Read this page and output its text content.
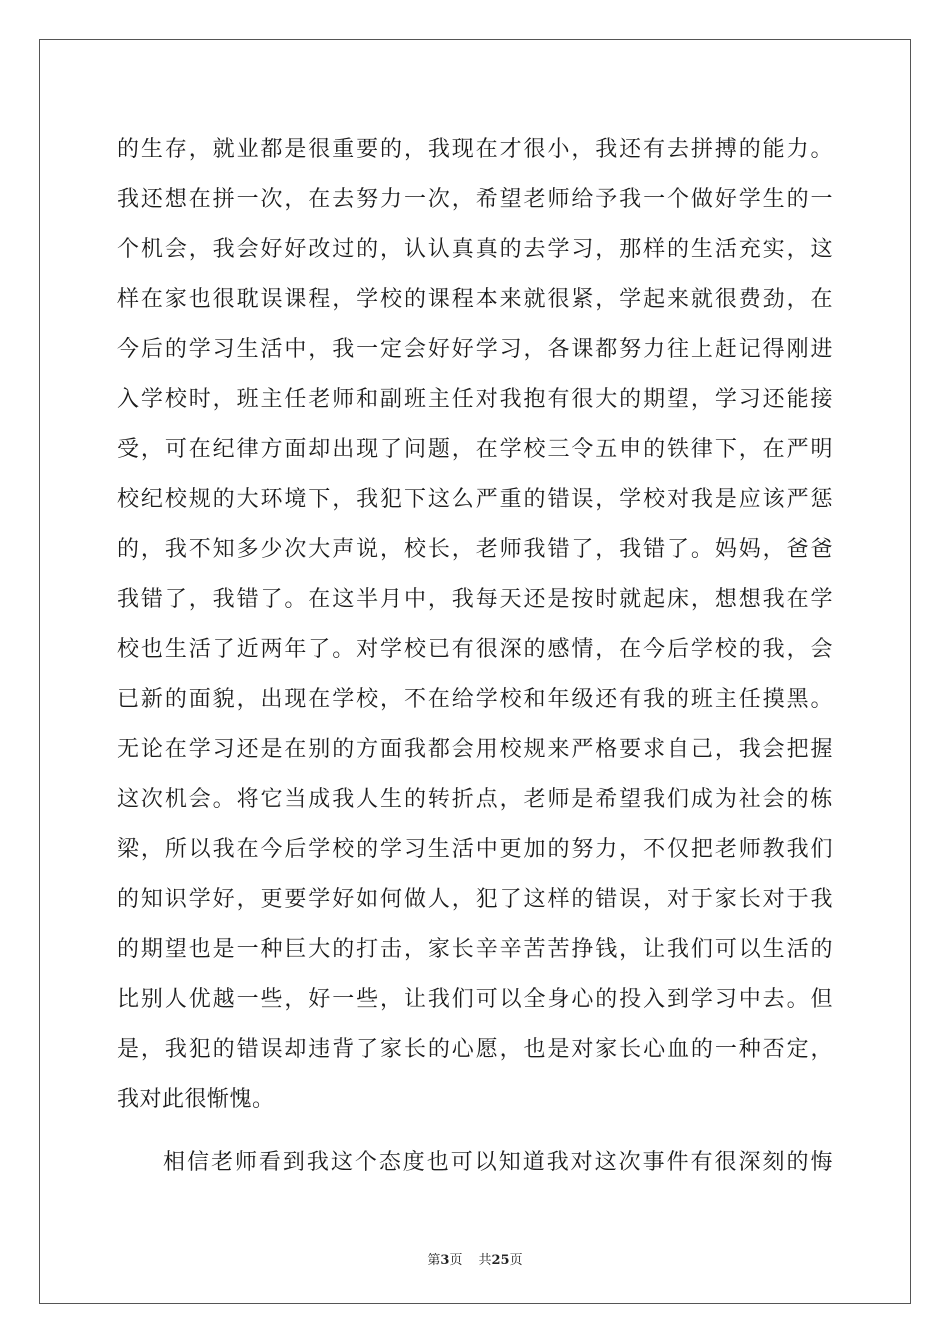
的生存，就业都是很重要的，我现在才很小，我还有去拼搏的能力。
我还想在拼一次，在去努力一次，希望老师给予我一个做好学生的一
个机会，我会好好改过的，认认真真的去学习，那样的生活充实，这
样在家也很耽误课程，学校的课程本来就很紧，学起来就很费劲，在
今后的学习生活中，我一定会好好学习，各课都努力往上赶记得刚进
入学校时，班主任老师和副班主任对我抱有很大的期望，学习还能接
受，可在纪律方面却出现了问题，在学校三令五申的铁律下，在严明
校纪校规的大环境下，我犯下这么严重的错误，学校对我是应该严惩
的，我不知多少次大声说，校长，老师我错了，我错了。妈妈，爸爸
我错了，我错了。在这半月中，我每天还是按时就起床，想想我在学
校也生活了近两年了。对学校已有很深的感情，在今后学校的我，会
已新的面貌，出现在学校，不在给学校和年级还有我的班主任摸黑。
无论在学习还是在别的方面我都会用校规来严格要求自己，我会把握
这次机会。将它当成我人生的转折点，老师是希望我们成为社会的栋
梁，所以我在今后学校的学习生活中更加的努力，不仅把老师教我们
的知识学好，更要学好如何做人，犯了这样的错误，对于家长对于我
的期望也是一种巨大的打击，家长辛辛苦苦挣钱，让我们可以生活的
比别人优越一些，好一些，让我们可以全身心的投入到学习中去。但
是，我犯的错误却违背了家长的心愿，也是对家长心血的一种否定，
我对此很惭愧。
相信老师看到我这个态度也可以知道我对这次事件有很深刻的悔
第3页 共25页
